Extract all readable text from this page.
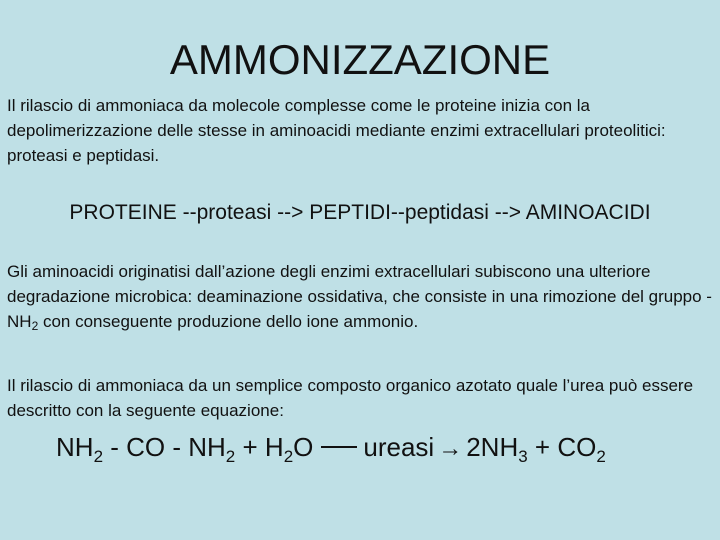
AMMONIZZAZIONE

Il rilascio di ammoniaca da molecole complesse come le proteine inizia con la depolimerizzazione delle stesse in aminoacidi mediante enzimi extracellulari proteolitici: proteasi e peptidasi.

PROTEINE --proteasi --> PEPTIDI--peptidasi --> AMINOACIDI

Gli aminoacidi originatisi dall’azione degli enzimi extracellulari subiscono una ulteriore degradazione microbica: deaminazione ossidativa, che consiste in una rimozione del gruppo $-NH_2$ con conseguente produzione dello ione ammonio.

Il rilascio di ammoniaca da un semplice composto organico azotato quale l’urea può essere descritto con la seguente equazione:

$NH_2$ - CO - $NH_2 + H_2O$ ureasi → $2NH_3 + CO_2$
